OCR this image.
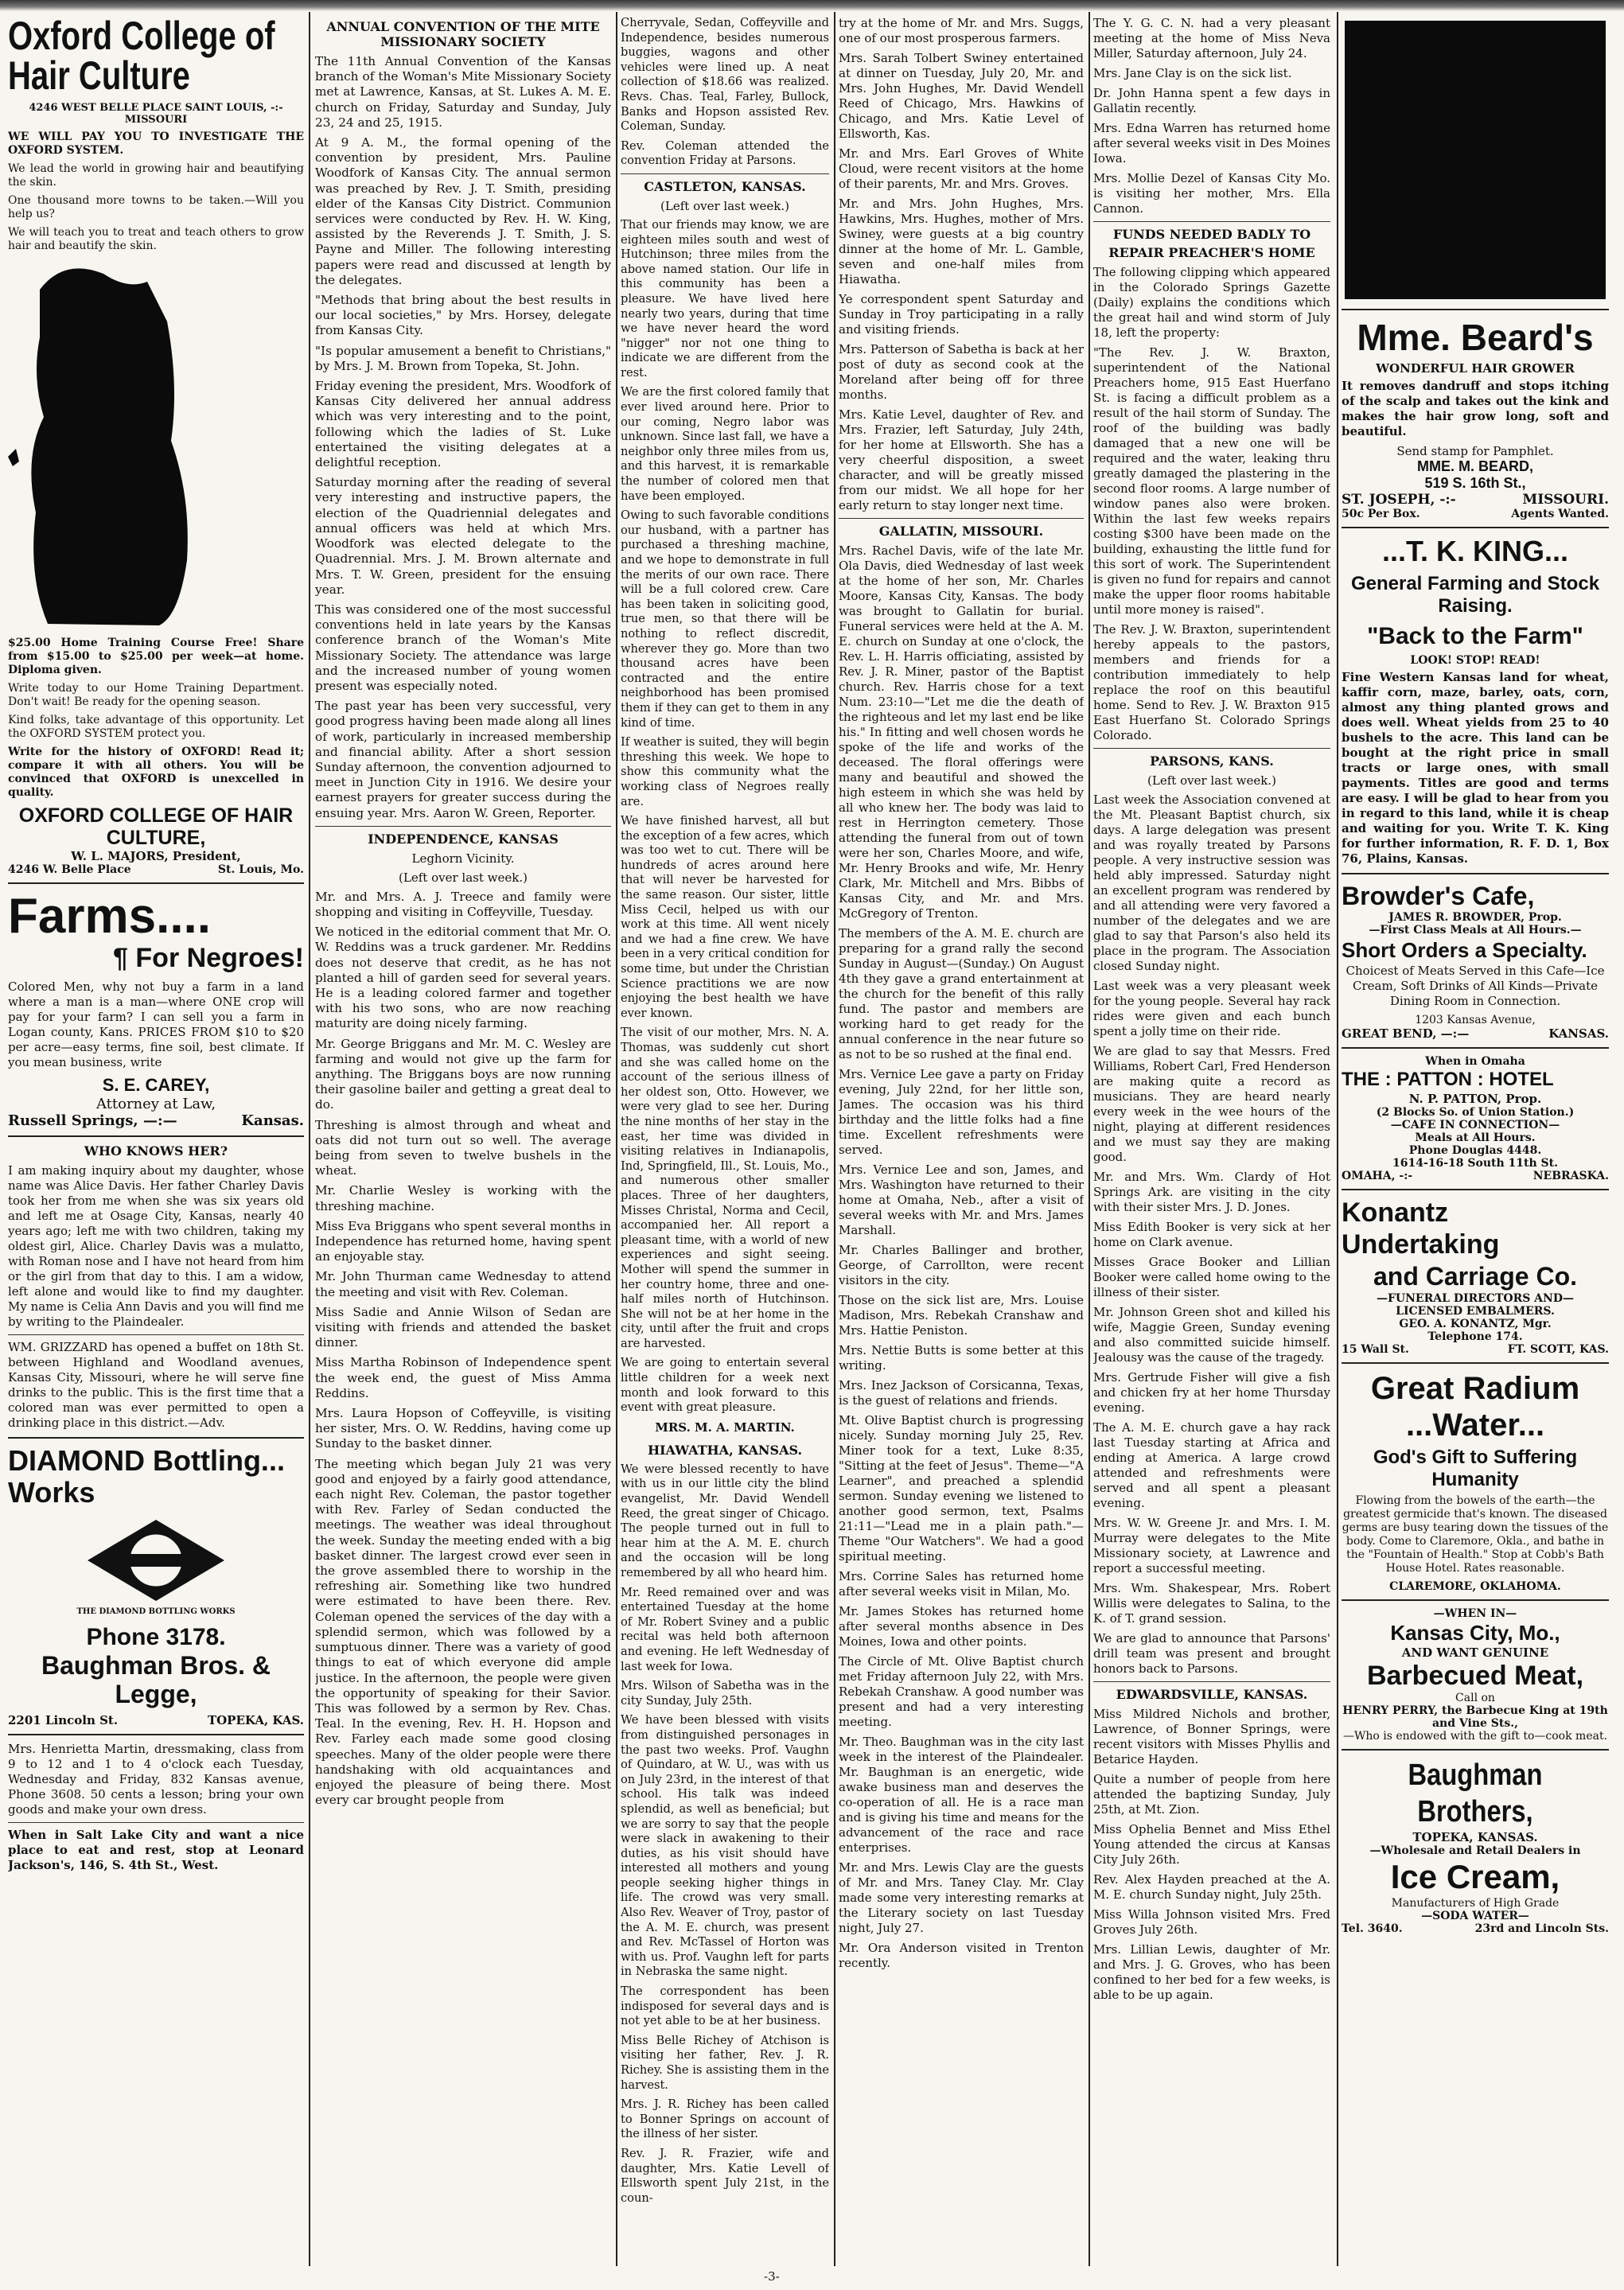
Oxford College of Hair Culture
4246 WEST BELLE PLACE SAINT LOUIS, -:- MISSOURI

WE WILL PAY YOU TO INVESTIGATE THE OXFORD SYSTEM.

We lead the world in growing hair and beautifying the skin.

One thousand more towns to be taken.—Will you help us?

We will teach you to treat and teach others to grow hair and beautify the skin.

$25.00 Home Training Course Free! Share from $15.00 to $25.00 per week—at home. Diploma given.

Write today to our Home Training Department. Don't wait! Be ready for the opening season.

Kind folks, take advantage of this opportunity. Let the OXFORD SYSTEM protect you.

Write for the history of OXFORD! Read it; compare it with all others. You will be convinced that OXFORD is unexcelled in quality.

OXFORD COLLEGE OF HAIR CULTURE,
W. L. MAJORS, President,
4246 W. Belle Place	St. Louis, Mo.
Farms....
¶ For Negroes!

Colored Men, why not buy a farm in a land where a man is a man—where ONE crop will pay for your farm? I can sell you a farm in Logan county, Kans. PRICES FROM $10 to $20 per acre—easy terms, fine soil, best climate. If you mean business, write

S. E. CAREY,
Attorney at Law,
Russell Springs, —:—	Kansas.
WHO KNOWS HER?

I am making inquiry about my daughter, whose name was Alice Davis. Her father Charley Davis took her from me when she was six years old and left me at Osage City, Kansas, nearly 40 years ago; left me with two children, taking my oldest girl, Alice. Charley Davis was a mulatto, with Roman nose and I have not heard from him or the girl from that day to this. I am a widow, left alone and would like to find my daughter. My name is Celia Ann Davis and you will find me by writing to the Plaindealer.

WM. GRIZZARD has opened a buffet on 18th St. between Highland and Woodland avenues, Kansas City, Missouri, where he will serve fine drinks to the public. This is the first time that a colored man was ever permitted to open a drinking place in this district.—Adv.

DIAMOND Bottling... Works
THE DIAMOND BOTTLING WORKS
Phone 3178.
Baughman Bros. & Legge,
2201 Lincoln St.	TOPEKA, KAS.

Mrs. Henrietta Martin, dressmaking, class from 9 to 12 and 1 to 4 o'clock each Tuesday, Wednesday and Friday, 832 Kansas avenue, Phone 3608. 50 cents a lesson; bring your own goods and make your own dress.

When in Salt Lake City and want a nice place to eat and rest, stop at Leonard Jackson's, 146, S. 4th St., West.

ANNUAL CONVENTION OF THE MITE MISSIONARY SOCIETY

The 11th Annual Convention of the Kansas branch of the Woman's Mite Missionary Society met at Lawrence, Kansas, at St. Lukes A. M. E. church on Friday, Saturday and Sunday, July 23, 24 and 25, 1915.

At 9 A. M., the formal opening of the convention by president, Mrs. Pauline Woodfork of Kansas City. The annual sermon was preached by Rev. J. T. Smith, presiding elder of the Kansas City District. Communion services were conducted by Rev. H. W. King, assisted by the Reverends J. T. Smith, J. S. Payne and Miller. The following interesting papers were read and discussed at length by the delegates.

"Methods that bring about the best results in our local societies," by Mrs. Horsey, delegate from Kansas City.

"Is popular amusement a benefit to Christians," by Mrs. J. M. Brown from Topeka, St. John.

Friday evening the president, Mrs. Woodfork of Kansas City delivered her annual address which was very interesting and to the point, following which the ladies of St. Luke entertained the visiting delegates at a delightful reception.

Saturday morning after the reading of several very interesting and instructive papers, the election of the Quadriennial delegates and annual officers was held at which Mrs. Woodfork was elected delegate to the Quadrennial. Mrs. J. M. Brown alternate and Mrs. T. W. Green, president for the ensuing year.

This was considered one of the most successful conventions held in late years by the Kansas conference branch of the Woman's Mite Missionary Society. The attendance was large and the increased number of young women present was especially noted.

The past year has been very successful, very good progress having been made along all lines of work, particularly in increased membership and financial ability. After a short session Sunday afternoon, the convention adjourned to meet in Junction City in 1916. We desire your earnest prayers for greater success during the ensuing year. Mrs. Aaron W. Green, Reporter.

INDEPENDENCE, KANSAS
Leghorn Vicinity.
(Left over last week.)

Mr. and Mrs. A. J. Treece and family were shopping and visiting in Coffeyville, Tuesday.

We noticed in the editorial comment that Mr. O. W. Reddins was a truck gardener. Mr. Reddins does not deserve that credit, as he has not planted a hill of garden seed for several years. He is a leading colored farmer and together with his two sons, who are now reaching maturity are doing nicely farming.

Mr. George Briggans and Mr. M. C. Wesley are farming and would not give up the farm for anything. The Briggans boys are now running their gasoline bailer and getting a great deal to do.

Threshing is almost through and wheat and oats did not turn out so well. The average being from seven to twelve bushels in the wheat.

Mr. Charlie Wesley is working with the threshing machine.

Miss Eva Briggans who spent several months in Independence has returned home, having spent an enjoyable stay.

Mr. John Thurman came Wednesday to attend the meeting and visit with Rev. Coleman.

Miss Sadie and Annie Wilson of Sedan are visiting with friends and attended the basket dinner.

Miss Martha Robinson of Independence spent the week end, the guest of Miss Amma Reddins.

Mrs. Laura Hopson of Coffeyville, is visiting her sister, Mrs. O. W. Reddins, having come up Sunday to the basket dinner.

The meeting which began July 21 was very good and enjoyed by a fairly good attendance, each night Rev. Coleman, the pastor together with Rev. Farley of Sedan conducted the meetings. The weather was ideal throughout the week. Sunday the meeting ended with a big basket dinner. The largest crowd ever seen in the grove assembled there to worship in the refreshing air. Something like two hundred were estimated to have been there. Rev. Coleman opened the services of the day with a splendid sermon, which was followed by a sumptuous dinner. There was a variety of good things to eat of which everyone did ample justice. In the afternoon, the people were given the opportunity of speaking for their Savior. This was followed by a sermon by Rev. Chas. Teal. In the evening, Rev. H. H. Hopson and Rev. Farley each made some good closing speeches. Many of the older people were there handshaking with old acquaintances and enjoyed the pleasure of being there. Most every car brought people from

Cherryvale, Sedan, Coffeyville and Independence, besides numerous buggies, wagons and other vehicles were lined up. A neat collection of $18.66 was realized. Revs. Chas. Teal, Farley, Bullock, Banks and Hopson assisted Rev. Coleman, Sunday.

Rev. Coleman attended the convention Friday at Parsons.

CASTLETON, KANSAS.
(Left over last week.)

That our friends may know, we are eighteen miles south and west of Hutchinson; three miles from the above named station. Our life in this community has been a pleasure. We have lived here nearly two years, during that time we have never heard the word "nigger" nor not one thing to indicate we are different from the rest.

We are the first colored family that ever lived around here. Prior to our coming, Negro labor was unknown. Since last fall, we have a neighbor only three miles from us, and this harvest, it is remarkable the number of colored men that have been employed.

Owing to such favorable conditions our husband, with a partner has purchased a threshing machine, and we hope to demonstrate in full the merits of our own race. There will be a full colored crew. Care has been taken in soliciting good, true men, so that there will be nothing to reflect discredit, wherever they go. More than two thousand acres have been contracted and the entire neighborhood has been promised them if they can get to them in any kind of time.

If weather is suited, they will begin threshing this week. We hope to show this community what the working class of Negroes really are.

We have finished harvest, all but the exception of a few acres, which was too wet to cut. There will be hundreds of acres around here that will never be harvested for the same reason. Our sister, little Miss Cecil, helped us with our work at this time. All went nicely and we had a fine crew. We have been in a very critical condition for some time, but under the Christian Science practitions we are now enjoying the best health we have ever known.

The visit of our mother, Mrs. N. A. Thomas, was suddenly cut short and she was called home on the account of the serious illness of her oldest son, Otto. However, we were very glad to see her. During the nine months of her stay in the east, her time was divided in visiting relatives in Indianapolis, Ind, Springfield, Ill., St. Louis, Mo., and numerous other smaller places. Three of her daughters, Misses Christal, Norma and Cecil, accompanied her. All report a pleasant time, with a world of new experiences and sight seeing. Mother will spend the summer in her country home, three and one-half miles north of Hutchinson. She will not be at her home in the city, until after the fruit and crops are harvested.

We are going to entertain several little children for a week next month and look forward to this event with great pleasure.

MRS. M. A. MARTIN.
HIAWATHA, KANSAS.

We were blessed recently to have with us in our little city the blind evangelist, Mr. David Wendell Reed, the great singer of Chicago. The people turned out in full to hear him at the A. M. E. church and the occasion will be long remembered by all who heard him.

Mr. Reed remained over and was entertained Tuesday at the home of Mr. Robert Sviney and a public recital was held both afternoon and evening. He left Wednesday of last week for Iowa.

Mrs. Wilson of Sabetha was in the city Sunday, July 25th.

We have been blessed with visits from distinguished personages in the past two weeks. Prof. Vaughn of Quindaro, at W. U., was with us on July 23rd, in the interest of that school. His talk was indeed splendid, as well as beneficial; but we are sorry to say that the people were slack in awakening to their duties, as his visit should have interested all mothers and young people seeking higher things in life. The crowd was very small. Also Rev. Weaver of Troy, pastor of the A. M. E. church, was present and Rev. McTassel of Horton was with us. Prof. Vaughn left for parts in Nebraska the same night.

The correspondent has been indisposed for several days and is not yet able to be at her business.

Miss Belle Richey of Atchison is visiting her father, Rev. J. R. Richey. She is assisting them in the harvest.

Mrs. J. R. Richey has been called to Bonner Springs on account of the illness of her sister.

Rev. J. R. Frazier, wife and daughter, Mrs. Katie Levell of Ellsworth spent July 21st, in the coun-

try at the home of Mr. and Mrs. Suggs, one of our most prosperous farmers.

Mrs. Sarah Tolbert Swiney entertained at dinner on Tuesday, July 20, Mr. and Mrs. John Hughes, Mr. David Wendell Reed of Chicago, Mrs. Hawkins of Chicago, and Mrs. Katie Level of Ellsworth, Kas.

Mr. and Mrs. Earl Groves of White Cloud, were recent visitors at the home of their parents, Mr. and Mrs. Groves.

Mr. and Mrs. John Hughes, Mrs. Hawkins, Mrs. Hughes, mother of Mrs. Swiney, were guests at a big country dinner at the home of Mr. L. Gamble, seven and one-half miles from Hiawatha.

Ye correspondent spent Saturday and Sunday in Troy participating in a rally and visiting friends.

Mrs. Patterson of Sabetha is back at her post of duty as second cook at the Moreland after being off for three months.

Mrs. Katie Level, daughter of Rev. and Mrs. Frazier, left Saturday, July 24th, for her home at Ellsworth. She has a very cheerful disposition, a sweet character, and will be greatly missed from our midst. We all hope for her early return to stay longer next time.

GALLATIN, MISSOURI.

Mrs. Rachel Davis, wife of the late Mr. Ola Davis, died Wednesday of last week at the home of her son, Mr. Charles Moore, Kansas City, Kansas. The body was brought to Gallatin for burial. Funeral services were held at the A. M. E. church on Sunday at one o'clock, the Rev. L. H. Harris officiating, assisted by Rev. J. R. Miner, pastor of the Baptist church. Rev. Harris chose for a text Num. 23:10—"Let me die the death of the righteous and let my last end be like his." In fitting and well chosen words he spoke of the life and works of the deceased. The floral offerings were many and beautiful and showed the high esteem in which she was held by all who knew her. The body was laid to rest in Herrington cemetery. Those attending the funeral from out of town were her son, Charles Moore, and wife, Mr. Henry Brooks and wife, Mr. Henry Clark, Mr. Mitchell and Mrs. Bibbs of Kansas City, and Mr. and Mrs. McGregory of Trenton.

The members of the A. M. E. church are preparing for a grand rally the second Sunday in August—(Sunday.) On August 4th they gave a grand entertainment at the church for the benefit of this rally fund. The pastor and members are working hard to get ready for the annual conference in the near future so as not to be so rushed at the final end.

Mrs. Vernice Lee gave a party on Friday evening, July 22nd, for her little son, James. The occasion was his third birthday and the little folks had a fine time. Excellent refreshments were served.

Mrs. Vernice Lee and son, James, and Mrs. Washington have returned to their home at Omaha, Neb., after a visit of several weeks with Mr. and Mrs. James Marshall.

Mr. Charles Ballinger and brother, George, of Carrollton, were recent visitors in the city.

Those on the sick list are, Mrs. Louise Madison, Mrs. Rebekah Cranshaw and Mrs. Hattie Peniston.

Mrs. Nettie Butts is some better at this writing.

Mrs. Inez Jackson of Corsicanna, Texas, is the guest of relations and friends.

Mt. Olive Baptist church is progressing nicely. Sunday morning July 25, Rev. Miner took for a text, Luke 8:35, "Sitting at the feet of Jesus". Theme—"A Learner", and preached a splendid sermon. Sunday evening we listened to another good sermon, text, Psalms 21:11—"Lead me in a plain path."—Theme "Our Watchers". We had a good spiritual meeting.

Mrs. Corrine Sales has returned home after several weeks visit in Milan, Mo.

Mr. James Stokes has returned home after several months absence in Des Moines, Iowa and other points.

The Circle of Mt. Olive Baptist church met Friday afternoon July 22, with Mrs. Rebekah Cranshaw. A good number was present and had a very interesting meeting.

Mr. Theo. Baughman was in the city last week in the interest of the Plaindealer. Mr. Baughman is an energetic, wide awake business man and deserves the co-operation of all. He is a race man and is giving his time and means for the advancement of the race and race enterprises.

Mr. and Mrs. Lewis Clay are the guests of Mr. and Mrs. Taney Clay. Mr. Clay made some very interesting remarks at the Literary society on last Tuesday night, July 27.

Mr. Ora Anderson visited in Trenton recently.

The Y. G. C. N. had a very pleasant meeting at the home of Miss Neva Miller, Saturday afternoon, July 24.

Mrs. Jane Clay is on the sick list.

Dr. John Hanna spent a few days in Gallatin recently.

Mrs. Edna Warren has returned home after several weeks visit in Des Moines Iowa.

Mrs. Mollie Dezel of Kansas City Mo. is visiting her mother, Mrs. Ella Cannon.

FUNDS NEEDED BADLY TO
REPAIR PREACHER'S HOME

The following clipping which appeared in the Colorado Springs Gazette (Daily) explains the conditions which the great hail and wind storm of July 18, left the property:

"The Rev. J. W. Braxton, superintendent of the National Preachers home, 915 East Huerfano St. is facing a difficult problem as a result of the hail storm of Sunday. The roof of the building was badly damaged that a new one will be required and the water, leaking thru greatly damaged the plastering in the second floor rooms. A large number of window panes also were broken. Within the last few weeks repairs costing $300 have been made on the building, exhausting the little fund for this sort of work. The Superintendent is given no fund for repairs and cannot make the upper floor rooms habitable until more money is raised".

The Rev. J. W. Braxton, superintendent hereby appeals to the pastors, members and friends for a contribution immediately to help replace the roof on this beautiful home. Send to Rev. J. W. Braxton 915 East Huerfano St. Colorado Springs Colorado.

PARSONS, KANS.
(Left over last week.)

Last week the Association convened at the Mt. Pleasant Baptist church, six days. A large delegation was present and was royally treated by Parsons people. A very instructive session was held ably impressed. Saturday night an excellent program was rendered by and all attending were very favored a number of the delegates and we are glad to say that Parson's also held its place in the program. The Association closed Sunday night.

Last week was a very pleasant week for the young people. Several hay rack rides were given and each bunch spent a jolly time on their ride.

We are glad to say that Messrs. Fred Williams, Robert Carl, Fred Henderson are making quite a record as musicians. They are heard nearly every week in the wee hours of the night, playing at different residences and we must say they are making good.

Mr. and Mrs. Wm. Clardy of Hot Springs Ark. are visiting in the city with their sister Mrs. J. D. Jones.

Miss Edith Booker is very sick at her home on Clark avenue.

Misses Grace Booker and Lillian Booker were called home owing to the illness of their sister.

Mr. Johnson Green shot and killed his wife, Maggie Green, Sunday evening and also committed suicide himself. Jealousy was the cause of the tragedy.

Mrs. Gertrude Fisher will give a fish and chicken fry at her home Thursday evening.

The A. M. E. church gave a hay rack last Tuesday starting at Africa and ending at America. A large crowd attended and refreshments were served and all spent a pleasant evening.

Mrs. W. W. Greene Jr. and Mrs. I. M. Murray were delegates to the Mite Missionary society, at Lawrence and report a successful meeting.

Mrs. Wm. Shakespear, Mrs. Robert Willis were delegates to Salina, to the K. of T. grand session.

We are glad to announce that Parsons' drill team was present and brought honors back to Parsons.

EDWARDSVILLE, KANSAS.

Miss Mildred Nichols and brother, Lawrence, of Bonner Springs, were recent visitors with Misses Phyllis and Betarice Hayden.

Quite a number of people from here attended the baptizing Sunday, July 25th, at Mt. Zion.

Miss Ophelia Bennet and Miss Ethel Young attended the circus at Kansas City July 26th.

Rev. Alex Hayden preached at the A. M. E. church Sunday night, July 25th.

Miss Willa Johnson visited Mrs. Fred Groves July 26th.

Mrs. Lillian Lewis, daughter of Mr. and Mrs. J. G. Groves, who has been confined to her bed for a few weeks, is able to be up again.

Mme. Beard's
WONDERFUL HAIR GROWER

It removes dandruff and stops itching of the scalp and takes out the kink and makes the hair grow long, soft and beautiful.

Send stamp for Pamphlet.
MME. M. BEARD,
519 S. 16th St.,
ST. JOSEPH, -:-	MISSOURI.
50c Per Box.	Agents Wanted.
...T. K. KING...
General Farming and Stock Raising.
"Back to the Farm"
LOOK! STOP! READ!

Fine Western Kansas land for wheat, kaffir corn, maze, barley, oats, corn, almost any thing planted grows and does well. Wheat yields from 25 to 40 bushels to the acre. This land can be bought at the right price in small tracts or large ones, with small payments. Titles are good and terms are easy. I will be glad to hear from you in regard to this land, while it is cheap and waiting for you. Write T. K. King for further information, R. F. D. 1, Box 76, Plains, Kansas.

Browder's Cafe,
JAMES R. BROWDER, Prop.
—First Class Meals at All Hours.—
Short Orders a Specialty.

Choicest of Meats Served in this Cafe—Ice Cream, Soft Drinks of All Kinds—Private Dining Room in Connection.

1203 Kansas Avenue,
GREAT BEND, —:—	KANSAS.
When in Omaha
THE : PATTON : HOTEL
N. P. PATTON, Prop.
(2 Blocks So. of Union Station.)
—CAFE IN CONNECTION—
Meals at All Hours.
Phone Douglas 4448.
1614-16-18 South 11th St.
OMAHA, -:-	NEBRASKA.
Konantz Undertaking
and Carriage Co.
—FUNERAL DIRECTORS AND—
LICENSED EMBALMERS.
GEO. A. KONANTZ, Mgr.
Telephone 174.
15 Wall St.	FT. SCOTT, KAS.
Great Radium
...Water...
God's Gift to Suffering Humanity

Flowing from the bowels of the earth—the greatest germicide that's known. The diseased germs are busy tearing down the tissues of the body. Come to Claremore, Okla., and bathe in the "Fountain of Health." Stop at Cobb's Bath House Hotel. Rates reasonable.

CLAREMORE, OKLAHOMA.
—WHEN IN—
Kansas City, Mo.,
AND WANT GENUINE
Barbecued Meat,
Call on
HENRY PERRY, the Barbecue King at 19th and Vine Sts.,
—Who is endowed with the gift to—cook meat.
Baughman Brothers,
TOPEKA, KANSAS.
—Wholesale and Retail Dealers in
Ice Cream,
Manufacturers of High Grade
—SODA WATER—
Tel. 3640.	23rd and Lincoln Sts.
-3-
